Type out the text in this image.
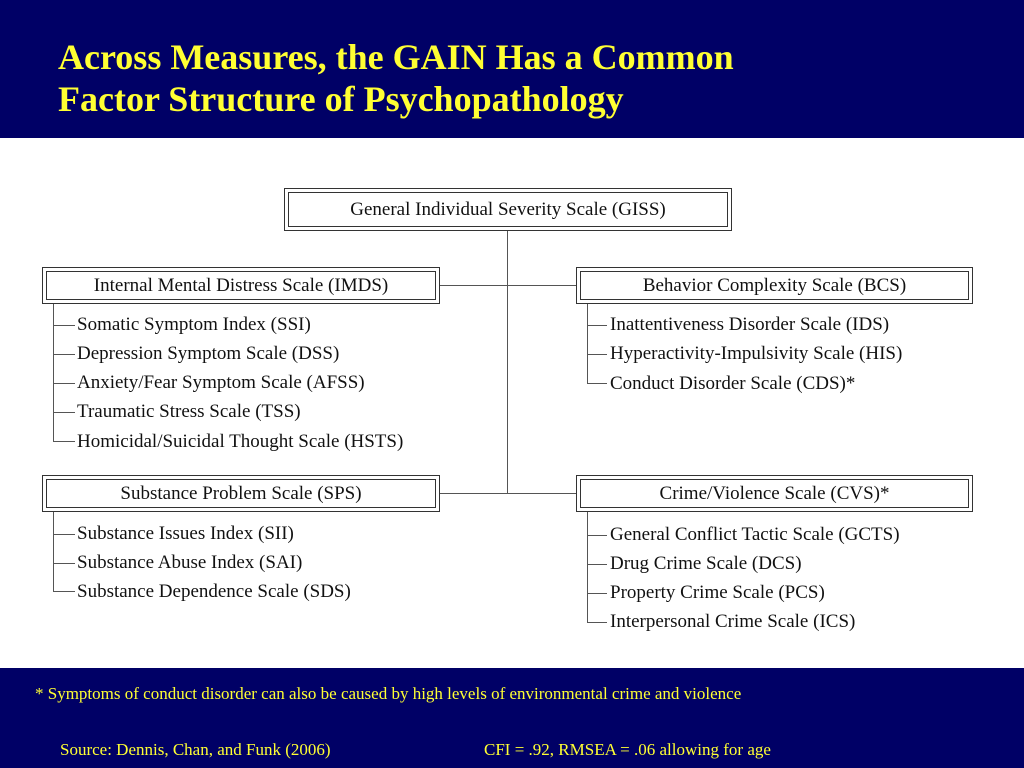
Across Measures, the GAIN Has a Common
Factor Structure of Psychopathology
General Individual Severity Scale (GISS)
Internal Mental Distress Scale (IMDS)	Behavior Complexity Scale (BCS)
Substance Problem Scale (SPS)	Crime/Violence Scale (CVS)*
Somatic Symptom Index (SSI)
Depression Symptom Scale (DSS)
Anxiety/Fear Symptom Scale (AFSS)
Traumatic Stress Scale (TSS)
Homicidal/Suicidal Thought Scale (HSTS)
Inattentiveness Disorder Scale (IDS)
Hyperactivity-Impulsivity Scale (HIS)
Conduct Disorder Scale (CDS)*
Substance Issues Index (SII)
Substance Abuse Index (SAI)
Substance Dependence Scale (SDS)
General Conflict Tactic Scale (GCTS)
Drug Crime Scale (DCS)
Property Crime Scale (PCS)
Interpersonal Crime Scale (ICS)
* Symptoms of conduct disorder can also be caused by high levels of environmental crime and violence
Source: Dennis, Chan, and Funk (2006)	CFI = .92, RMSEA = .06 allowing for age
